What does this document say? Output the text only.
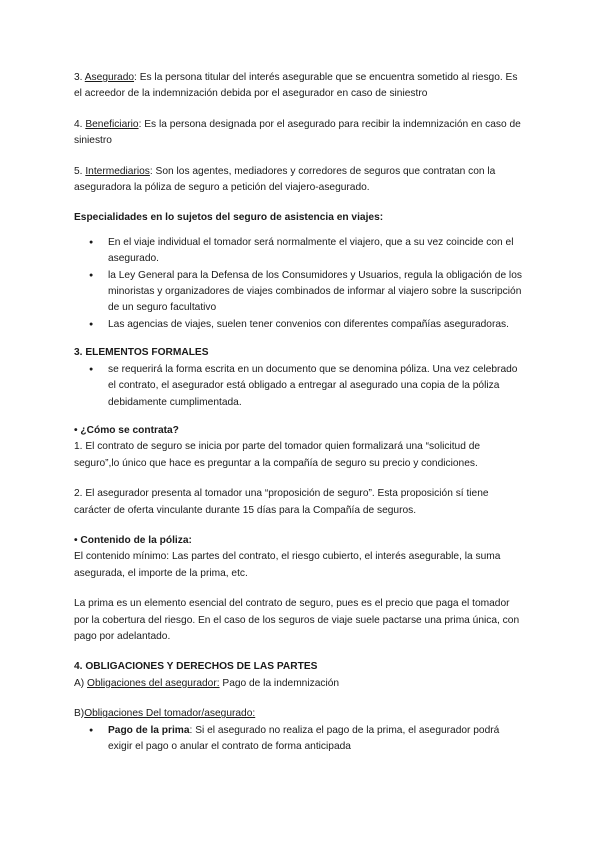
3. Asegurado: Es la persona titular del interés asegurable que se encuentra sometido al riesgo. Es el acreedor de la indemnización debida por el asegurador en caso de siniestro

4. Beneficiario: Es la persona designada por el asegurado para recibir la indemnización en caso de siniestro

5. Intermediarios: Son los agentes, mediadores y corredores de seguros que contratan con la aseguradora la póliza de seguro a petición del viajero-asegurado.

Especialidades en lo sujetos del seguro de asistencia en viajes:

● En el viaje individual el tomador será normalmente el viajero, que a su vez coincide con el asegurado.
● la Ley General para la Defensa de los Consumidores y Usuarios, regula la obligación de los minoristas y organizadores de viajes combinados de informar al viajero sobre la suscripción de un seguro facultativo
● Las agencias de viajes, suelen tener convenios con diferentes compañías aseguradoras.

3. ELEMENTOS FORMALES

● se requerirá la forma escrita en un documento que se denomina póliza. Una vez celebrado el contrato, el asegurador está obligado a entregar al asegurado una copia de la póliza debidamente cumplimentada.

• ¿Cómo se contrata?

1. El contrato de seguro se inicia por parte del tomador quien formalizará una “solicitud de seguro”,lo único que hace es preguntar a la compañía de seguro su precio y condiciones.

2. El asegurador presenta al tomador una “proposición de seguro”. Esta proposición sí tiene carácter de oferta vinculante durante 15 días para la Compañía de seguros.

• Contenido de la póliza:

El contenido mínimo: Las partes del contrato, el riesgo cubierto, el interés asegurable, la suma asegurada, el importe de la prima, etc.

La prima es un elemento esencial del contrato de seguro, pues es el precio que paga el tomador por la cobertura del riesgo. En el caso de los seguros de viaje suele pactarse una prima única, con pago por adelantado.

4. OBLIGACIONES Y DERECHOS DE LAS PARTES

A) Obligaciones del asegurador: Pago de la indemnización

B)Obligaciones Del tomador/asegurado:

● Pago de la prima: Si el asegurado no realiza el pago de la prima, el asegurador podrá exigir el pago o anular el contrato de forma anticipada
